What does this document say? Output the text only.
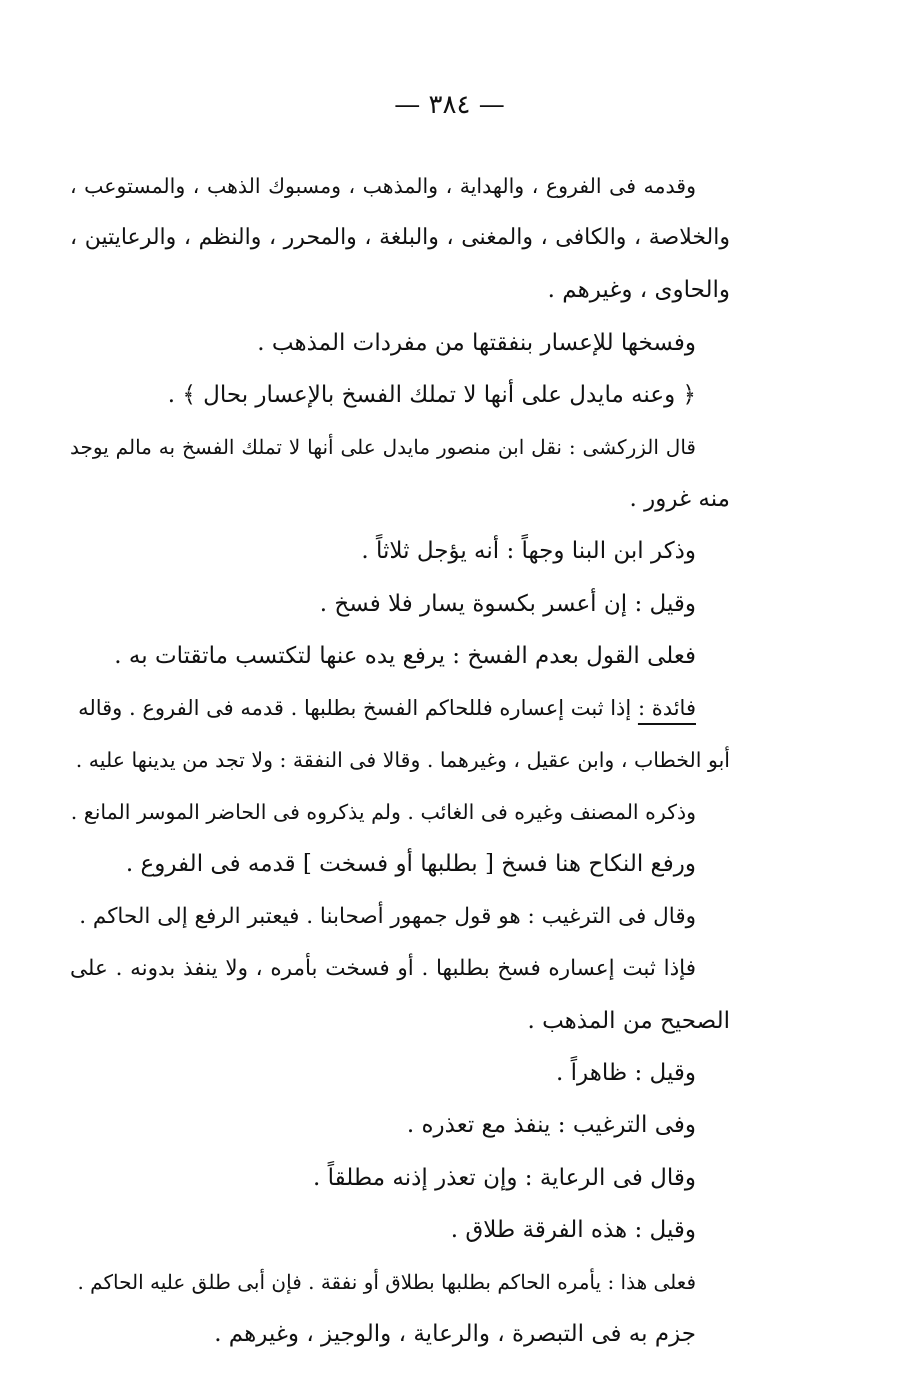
— ٣٨٤ —
وقدمه فى الفروع ، والهداية ، والمذهب ، ومسبوك الذهب ، والمستوعب ،
والخلاصة ، والكافى ، والمغنى ، والبلغة ، والمحرر ، والنظم ، والرعايتين ،
والحاوى ، وغيرهم .
وفسخها للإعسار بنفقتها من مفردات المذهب .
﴿ وعنه مايدل على أنها لا تملك الفسخ بالإعسار بحال ﴾ .
قال الزركشى : نقل ابن منصور مايدل على أنها لا تملك الفسخ به مالم يوجد
منه غرور .
وذكر ابن البنا وجهاً : أنه يؤجل ثلاثاً .
وقيل : إن أعسر بكسوة يسار فلا فسخ .
فعلى القول بعدم الفسخ : يرفع يده عنها لتكتسب ماتقتات به .
فائدة : إذا ثبت إعساره فللحاكم الفسخ بطلبها . قدمه فى الفروع . وقاله
أبو الخطاب ، وابن عقيل ، وغيرهما . وقالا فى النفقة : ولا تجد من يدينها عليه .
وذكره المصنف وغيره فى الغائب . ولم يذكروه فى الحاضر الموسر المانع .
ورفع النكاح هنا فسخ [ بطلبها أو فسخت ] قدمه فى الفروع .
وقال فى الترغيب : هو قول جمهور أصحابنا . فيعتبر الرفع إلى الحاكم .
فإذا ثبت إعساره فسخ بطلبها . أو فسخت بأمره ، ولا ينفذ بدونه . على
الصحيح من المذهب .
وقيل : ظاهراً .
وفى الترغيب : ينفذ مع تعذره .
وقال فى الرعاية : وإن تعذر إذنه مطلقاً .
وقيل : هذه الفرقة طلاق .
فعلى هذا : يأمره الحاكم بطلبها بطلاق أو نفقة . فإن أبى طلق عليه الحاكم .
جزم به فى التبصرة ، والرعاية ، والوجيز ، وغيرهم .
